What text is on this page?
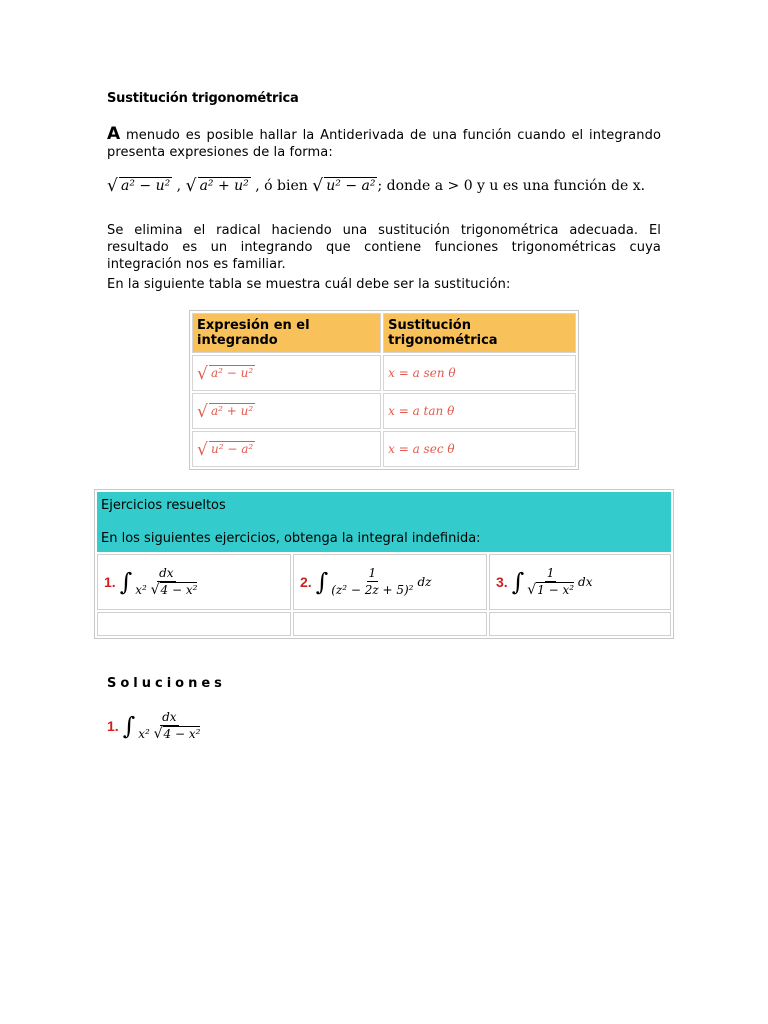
Sustitución trigonométrica
A menudo es posible hallar la Antiderivada de una función cuando el integrando presenta expresiones de la forma:
√ a² − u² , √ a² + u² , ó bien √ u² − a² ; donde a > 0 y u es una función de x.
Se elimina el radical haciendo una sustitución trigonométrica adecuada. El resultado es un integrando que contiene funciones trigonométricas cuya integración nos es familiar.
En la siguiente tabla se muestra cuál debe ser la sustitución:
Expresión en el integrando	Sustitución trigonométrica

√ a² − u²	x = a sen θ

√ a² + u²	x = a tan θ

√ u² − a²	x = a sec θ
Ejercicios resueltos
En los siguientes ejercicios, obtenga la integral indefinida:		

1. ∫ $\frac{dx}{\text{x² √4 − x²}}$	2. ∫ $\frac{1}{\text{(z² − 2z + 5)²}}$ dz	3. ∫ $\frac{1}{\text{√1 − x²}}$ dx

Soluciones
1. ∫ $\frac{dx}{\text{x² √4 − x²}}$
